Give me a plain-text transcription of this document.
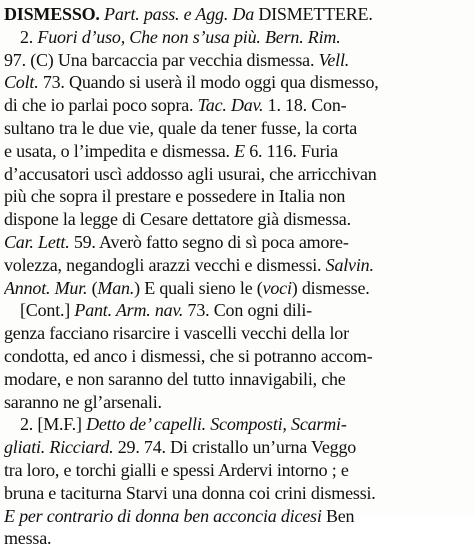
DISMESSO. Part. pass. e Agg. Da DISMETTERE.
2. Fuori d’uso, Che non s’usa più. Bern. Rim.
97. (C) Una barcaccia par vecchia dismessa. Vell.
Colt. 73. Quando si userà il modo oggi qua dismesso,
di che io parlai poco sopra. Tac. Dav. 1. 18. Con-
sultano tra le due vie, quale da tener fusse, la corta
e usata, o l’impedita e dismessa. E 6. 116. Furia
d’accusatori uscì addosso agli usurai, che arricchivan
più che sopra il prestare e possedere in Italia non
dispone la legge di Cesare dettatore già dismessa.
Car. Lett. 59. Averò fatto segno di sì poca amore-
volezza, negandogli arazzi vecchi e dismessi. Salvin.
Annot. Mur. (Man.) E quali sieno le (voci) dismesse.
[Cont.] Pant. Arm. nav. 73. Con ogni dili-
genza facciano risarcire i vascelli vecchi della lor
condotta, ed anco i dismessi, che si potranno accom-
modare, e non saranno del tutto innavigabili, che
saranno ne gl’arsenali.
2. [M.F.] Detto de’ capelli. Scomposti, Scarmi-
gliati. Ricciard. 29. 74. Di cristallo un’urna Veggo
tra loro, e torchi gialli e spessi Ardervi intorno ; e
bruna e taciturna Starvi una donna coi crini dismessi.
E per contrario di donna ben acconcia dicesi Ben
messa.
